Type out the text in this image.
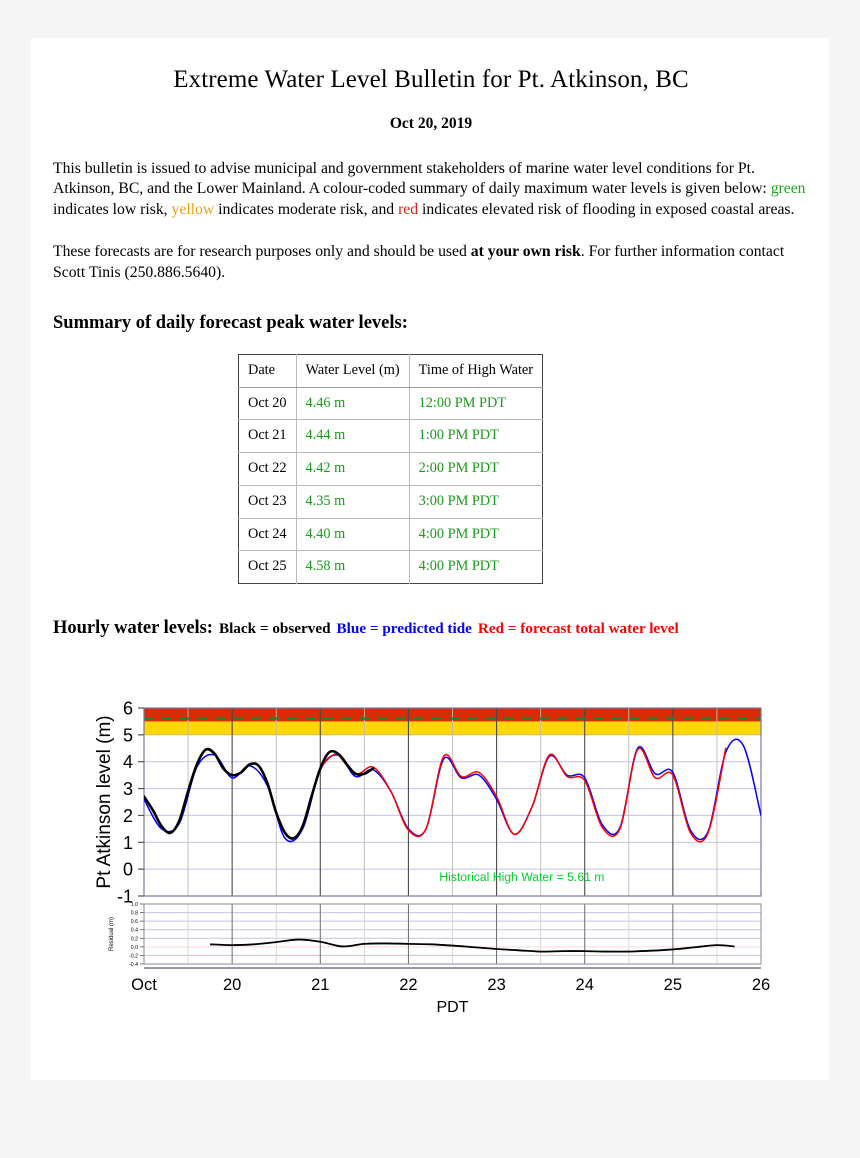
Extreme Water Level Bulletin for Pt. Atkinson, BC
Oct 20, 2019

This bulletin is issued to advise municipal and government stakeholders of marine water level conditions for Pt. Atkinson, BC, and the Lower Mainland. A colour-coded summary of daily maximum water levels is given below: green indicates low risk, yellow indicates moderate risk, and red indicates elevated risk of flooding in exposed coastal areas.

These forecasts are for research purposes only and should be used at your own risk. For further information contact Scott Tinis (250.886.5640).

Summary of daily forecast peak water levels:
Date	Water Level (m)	Time of High Water
Oct 20	4.46 m	12:00 PM PDT
Oct 21	4.44 m	1:00 PM PDT
Oct 22	4.42 m	2:00 PM PDT
Oct 23	4.35 m	3:00 PM PDT
Oct 24	4.40 m	4:00 PM PDT
Oct 25	4.58 m	4:00 PM PDT
Hourly water levels: Black = observed Blue = predicted tide Red = forecast total water level
6
5
4
3
2
1
0
-1
Pt Atkinson level (m)	Historical High Water = 5.61 m
1.0
0.8
0.6
0.4
0.2
0.0
-0.2
-0.4
Residual (m)
Oct	20	21	22	23	24	25	26
PDT
